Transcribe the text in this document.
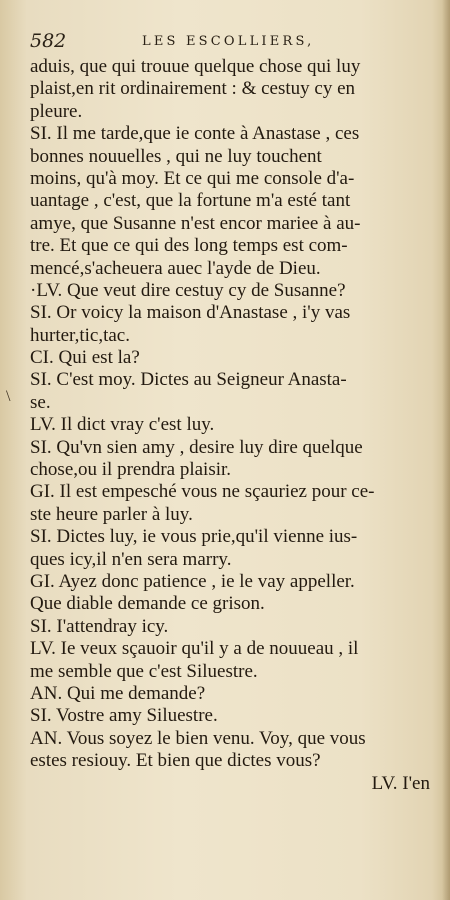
582	LES ESCOLLIERS,
\
aduis, que qui trouue quelque chose qui luy
plaist,en rit ordinairement : & cestuy cy en
pleure.
SI. Il me tarde,que ie conte à Anastase , ces
bonnes nouuelles , qui ne luy touchent
moins, qu'à moy. Et ce qui me console d'a-
uantage , c'est, que la fortune m'a esté tant
amye, que Susanne n'est encor mariee à au-
tre. Et que ce qui des long temps est com-
mencé,s'acheuera auec l'ayde de Dieu.
·LV. Que veut dire cestuy cy de Susanne?
SI. Or voicy la maison d'Anastase , i'y vas
hurter,tic,tac.
CI. Qui est la?
SI. C'est moy. Dictes au Seigneur Anasta-
se.
LV. Il dict vray c'est luy.
SI. Qu'vn sien amy , desire luy dire quelque
chose,ou il prendra plaisir.
GI. Il est empesché vous ne sçauriez pour ce-
ste heure parler à luy.
SI. Dictes luy, ie vous prie,qu'il vienne ius-
ques icy,il n'en sera marry.
GI. Ayez donc patience , ie le vay appeller.
Que diable demande ce grison.
SI. I'attendray icy.
LV. Ie veux sçauoir qu'il y a de nouueau , il
me semble que c'est Siluestre.
AN. Qui me demande?
SI. Vostre amy Siluestre.
AN. Vous soyez le bien venu. Voy, que vous
estes resiouy. Et bien que dictes vous?
LV. I'en
